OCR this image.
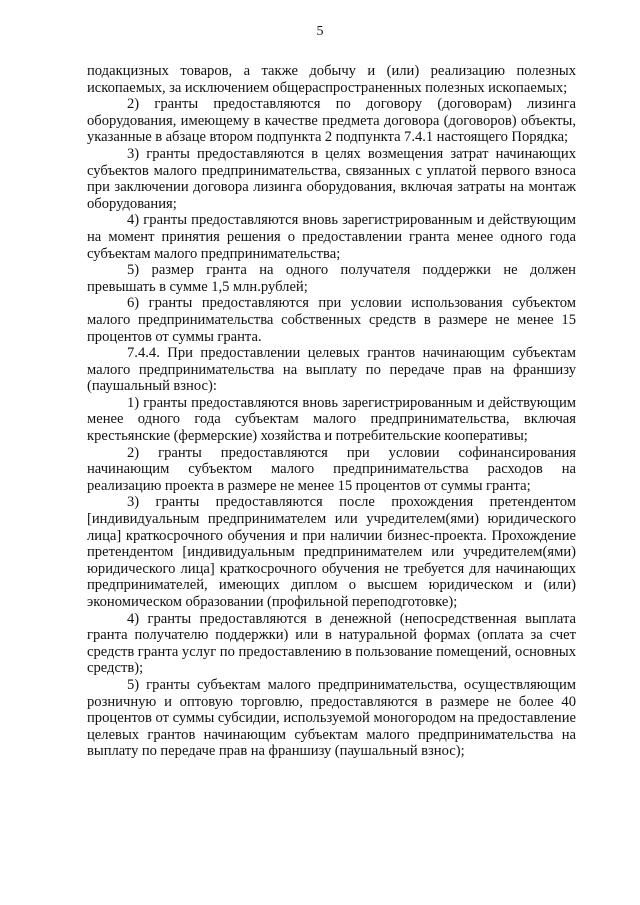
5

подакцизных товаров, а также добычу и (или) реализацию полезных ископаемых, за исключением общераспространенных полезных ископаемых;

2) гранты предоставляются по договору (договорам) лизинга оборудования, имеющему в качестве предмета договора (договоров) объекты, указанные в абзаце втором подпункта 2 подпункта 7.4.1 настоящего Порядка;

3) гранты предоставляются в целях возмещения затрат начинающих субъектов малого предпринимательства, связанных с уплатой первого взноса при заключении договора лизинга оборудования, включая затраты на монтаж оборудования;

4) гранты предоставляются вновь зарегистрированным и действующим на момент принятия решения о предоставлении гранта менее одного года субъектам малого предпринимательства;

5) размер гранта на одного получателя поддержки не должен превышать в сумме 1,5 млн.рублей;

6) гранты предоставляются при условии использования субъектом малого предпринимательства собственных средств в размере не менее 15 процентов от суммы гранта.

7.4.4. При предоставлении целевых грантов начинающим субъектам малого предпринимательства на выплату по передаче прав на франшизу (паушальный взнос):

1) гранты предоставляются вновь зарегистрированным и действующим менее одного года субъектам малого предпринимательства, включая крестьянские (фермерские) хозяйства и потребительские кооперативы;

2) гранты предоставляются при условии софинансирования начинающим субъектом малого предпринимательства расходов на реализацию проекта в размере не менее 15 процентов от суммы гранта;

3) гранты предоставляются после прохождения претендентом [индивидуальным предпринимателем или учредителем(ями) юридического лица] краткосрочного обучения и при наличии бизнес-проекта. Прохождение претендентом [индивидуальным предпринимателем или учредителем(ями) юридического лица] краткосрочного обучения не требуется для начинающих предпринимателей, имеющих диплом о высшем юридическом и (или) экономическом образовании (профильной переподготовке);

4) гранты предоставляются в денежной (непосредственная выплата гранта получателю поддержки) или в натуральной формах (оплата за счет средств гранта услуг по предоставлению в пользование помещений, основных средств);

5) гранты субъектам малого предпринимательства, осуществляющим розничную и оптовую торговлю, предоставляются в размере не более 40 процентов от суммы субсидии, используемой моногородом на предоставление целевых грантов начинающим субъектам малого предпринимательства на выплату по передаче прав на франшизу (паушальный взнос);
